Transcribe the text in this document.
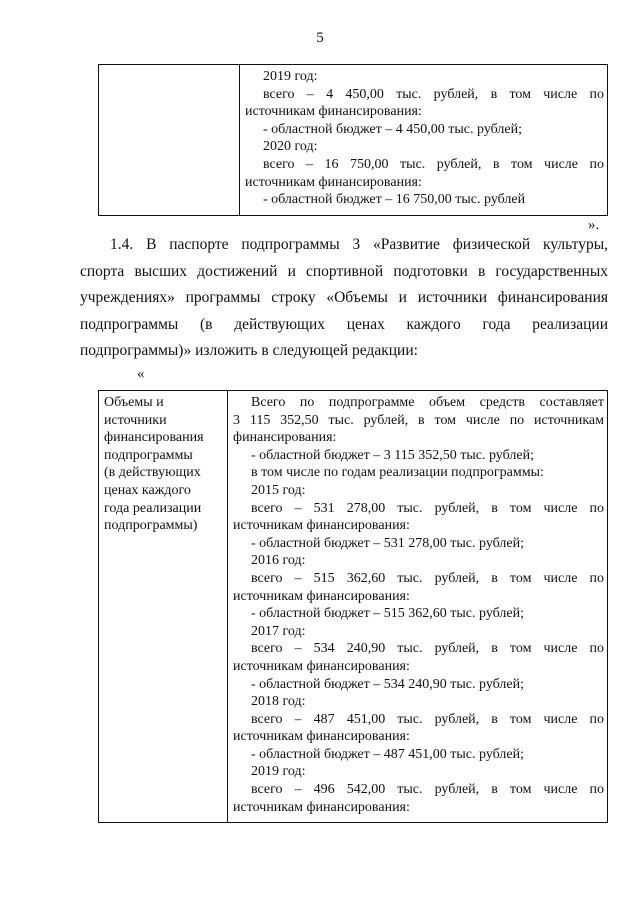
5

2019 год:
всего – 4 450,00 тыс. рублей, в том числе по
источникам финансирования:
- областной бюджет – 4 450,00 тыс. рублей;
2020 год:
всего – 16 750,00 тыс. рублей, в том числе по
источникам финансирования:
- областной бюджет – 16 750,00 тыс. рублей
».
1.4. В паспорте подпрограммы 3 «Развитие физической культуры,
спорта высших достижений и спортивной подготовки в государственных
учреждениях» программы строку «Объемы и источники финансирования
подпрограммы (в действующих ценах каждого года реализации
подпрограммы)» изложить в следующей редакции:
«
Объемы и
источники
финансирования
подпрограммы
(в действующих
ценах каждого
года реализации
подпрограммы)

Всего по подпрограмме объем средств составляет
3 115 352,50 тыс. рублей, в том числе по источникам
финансирования:
- областной бюджет – 3 115 352,50 тыс. рублей;
в том числе по годам реализации подпрограммы:
2015 год:
всего – 531 278,00 тыс. рублей, в том числе по
источникам финансирования:
- областной бюджет – 531 278,00 тыс. рублей;
2016 год:
всего – 515 362,60 тыс. рублей, в том числе по
источникам финансирования:
- областной бюджет – 515 362,60 тыс. рублей;
2017 год:
всего – 534 240,90 тыс. рублей, в том числе по
источникам финансирования:
- областной бюджет – 534 240,90 тыс. рублей;
2018 год:
всего – 487 451,00 тыс. рублей, в том числе по
источникам финансирования:
- областной бюджет – 487 451,00 тыс. рублей;
2019 год:
всего – 496 542,00 тыс. рублей, в том числе по
источникам финансирования:
